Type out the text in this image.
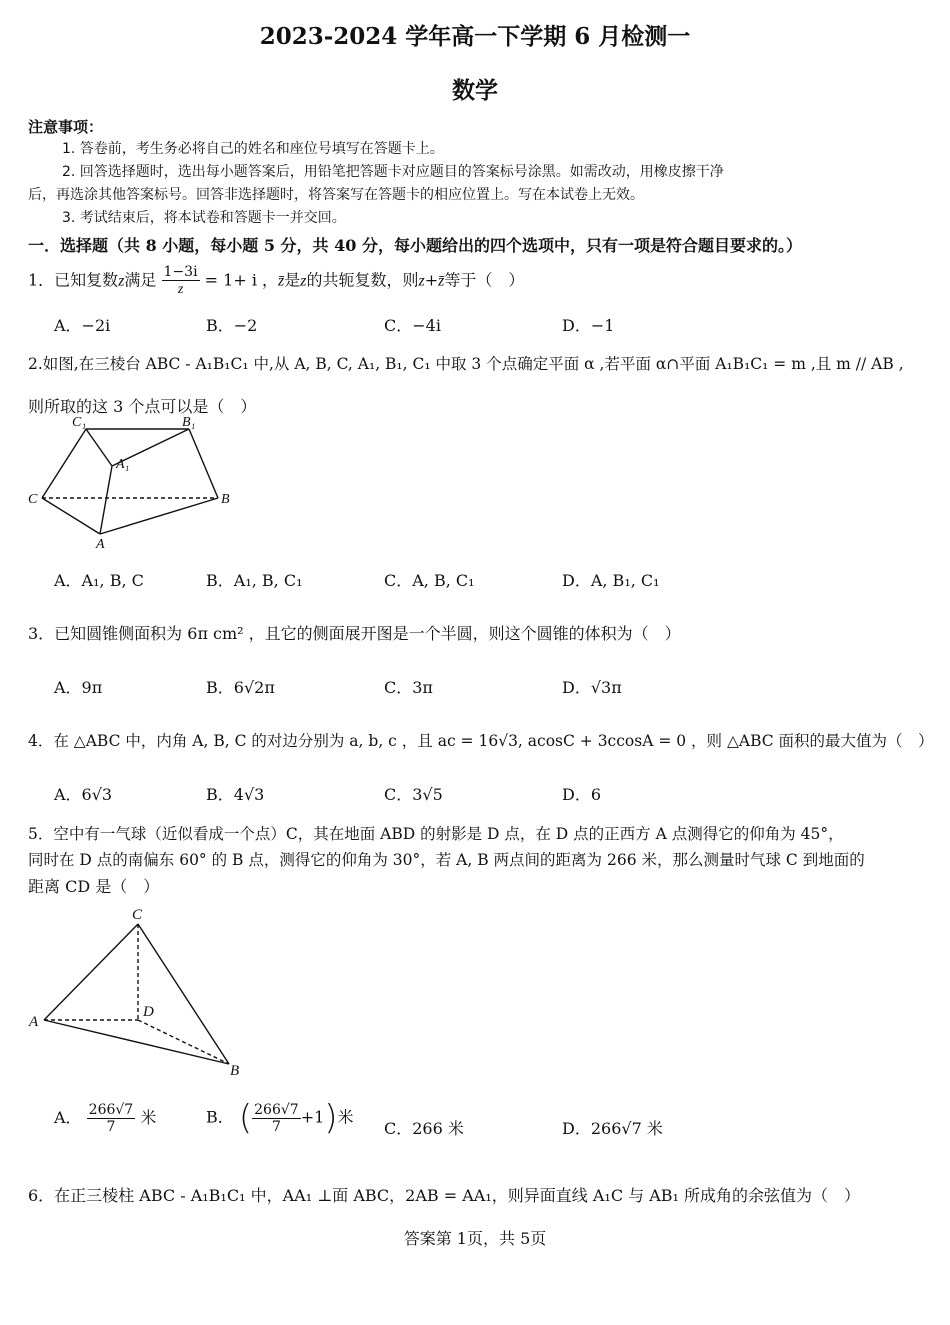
2023-2024 学年高一下学期 6 月检测一
数学
注意事项：
1. 答卷前，考生务必将自己的姓名和座位号填写在答题卡上。
2. 回答选择题时，选出每小题答案后，用铅笔把答题卡对应题目的答案标号涂黑。如需改动，用橡皮擦干净
后，再选涂其他答案标号。回答非选择题时，将答案写在答题卡的相应位置上。写在本试卷上无效。
3. 考试结束后，将本试卷和答题卡一并交回。
一．选择题（共 8 小题，每小题 5 分，共 40 分，每小题给出的四个选项中，只有一项是符合题目要求的。）
1．已知复数z满足 $\frac{1-3i}{z} = 1+ i$ ，z̄是z的共轭复数，则z+z̄等于（　）
A．−2i	B．−2	C．−4i	D．−1
2.如图,在三棱台 ABC - A₁B₁C₁ 中,从 A, B, C, A₁, B₁, C₁ 中取 3 个点确定平面 α ,若平面 α∩平面 A₁B₁C₁ = m ,且 m // AB ,
则所取的这 3 个点可以是（　）
C₁	B₁
A₁
C	B
A
A．A₁, B, C	B．A₁, B, C₁	C．A, B, C₁	D．A, B₁, C₁
3．已知圆锥侧面积为 6π cm² ，且它的侧面展开图是一个半圆，则这个圆锥的体积为（　）
A．9π	B．6√2π	C．3π	D．√3π
4．在 △ABC 中，内角 A, B, C 的对边分别为 a, b, c ，且 ac = 16√3, acosC + 3ccosA = 0 ，则 △ABC 面积的最大值为（　）
A．6√3	B．4√3	C．3√5	D．6
5．空中有一气球（近似看成一个点）C，其在地面 ABD 的射影是 D 点，在 D 点的正西方 A 点测得它的仰角为 45°，
同时在 D 点的南偏东 60° 的 B 点，测得它的仰角为 30°，若 A, B 两点间的距离为 266 米，那么测量时气球 C 到地面的
距离 CD 是（　）
C
A
D
B
A． $\frac{266√7}{7}$ 米	B． ( $\frac{266√7}{7} +1$)米
C．266 米	D．266√7 米
6．在正三棱柱 ABC - A₁B₁C₁ 中，AA₁ ⊥面 ABC，2AB = AA₁，则异面直线 A₁C 与 AB₁ 所成角的余弦值为（　）
答案第 1页，共 5页
